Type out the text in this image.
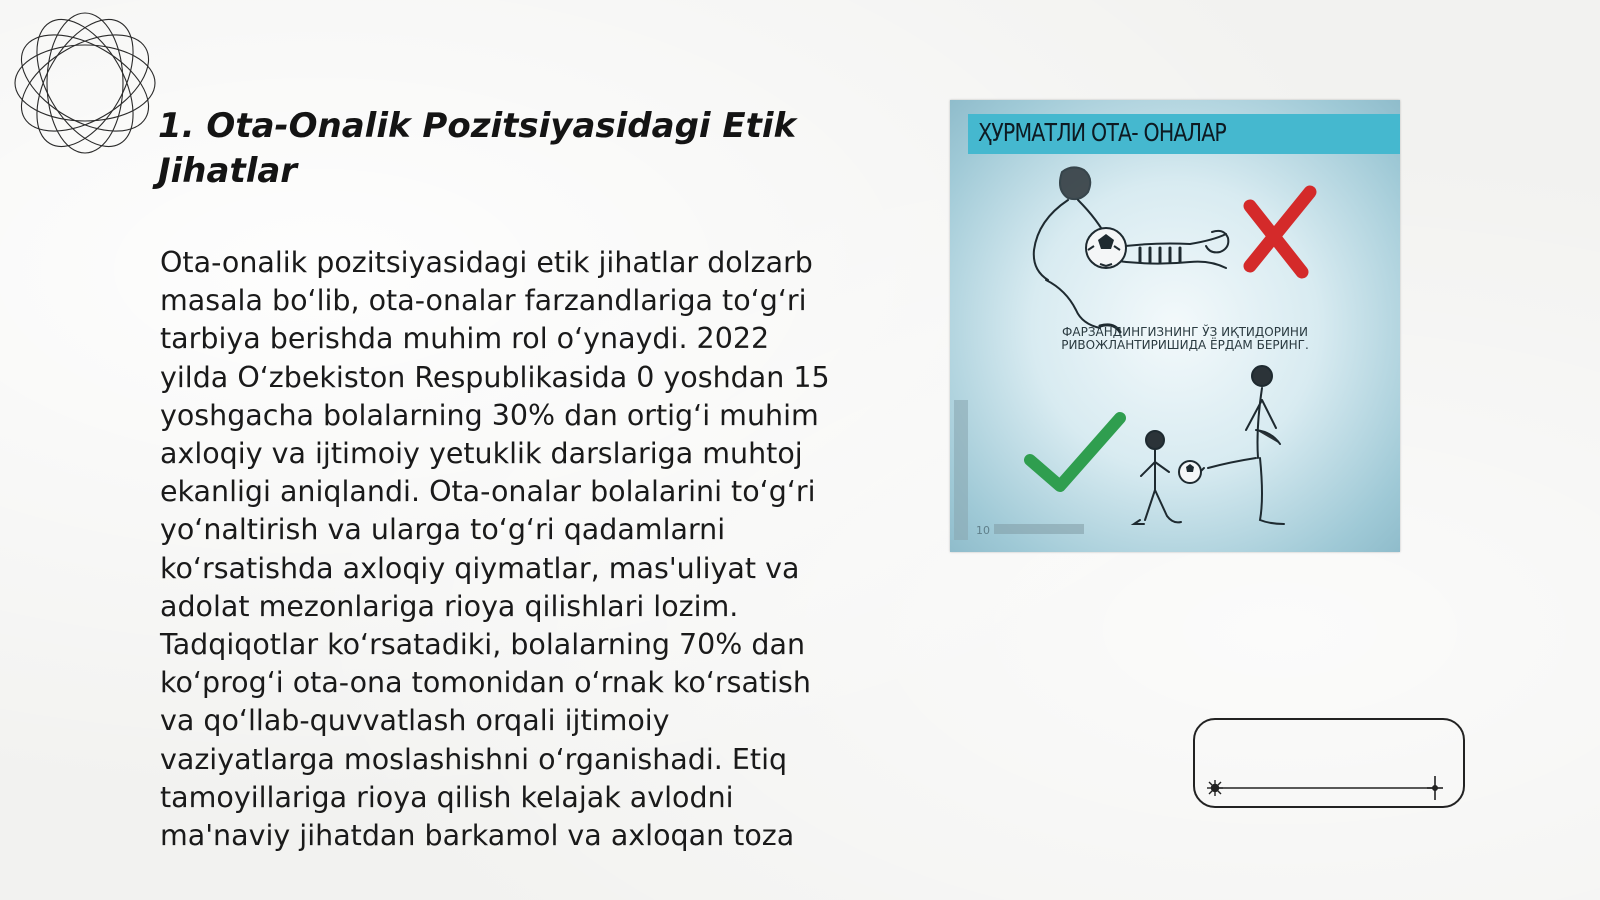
1. Ota-Onalik Pozitsiyasidagi Etik Jihatlar

Ota-onalik pozitsiyasidagi etik jihatlar dolzarb masala bo‘lib, ota-onalar farzandlariga to‘g‘ri tarbiya berishda muhim rol o‘ynaydi. 2022 yilda O‘zbekiston Respublikasida 0 yoshdan 15 yoshgacha bolalarning 30% dan ortig‘i muhim axloqiy va ijtimoiy yetuklik darslariga muhtoj ekanligi aniqlandi. Ota-onalar bolalarini to‘g‘ri yo‘naltirish va ularga to‘g‘ri qadamlarni ko‘rsatishda axloqiy qiymatlar, mas'uliyat va adolat mezonlariga rioya qilishlari lozim. Tadqiqotlar ko‘rsatadiki, bolalarning 70% dan ko‘prog‘i ota-ona tomonidan o‘rnak ko‘rsatish va qo‘llab-quvvatlash orqali ijtimoiy vaziyatlarga moslashishni o‘rganishadi. Etiq tamoyillariga rioya qilish kelajak avlodni ma'naviy jihatdan barkamol va axloqan toza

ҲУРМАТЛИ ОТА- ОНАЛАР
ФАРЗАНДИНГИЗНИНГ ЎЗ ИҚТИДОРИНИ
РИВОЖЛАНТИРИШИДА ЁРДАМ БЕРИНГ.
10
